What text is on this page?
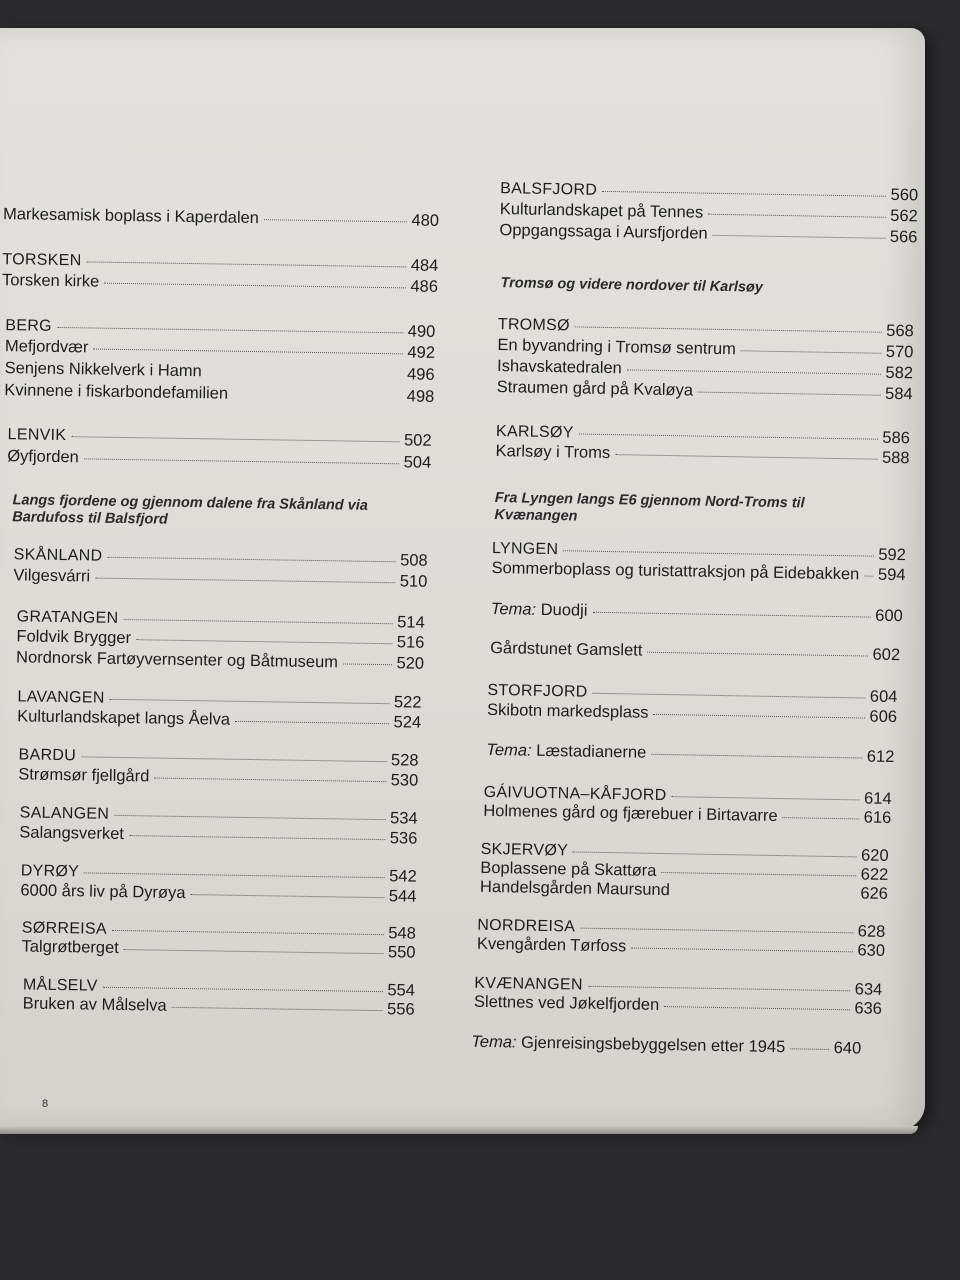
Markesamisk boplass i Kaperdalen	480
TORSKEN	484
Torsken kirke	486
BERG	490
Mefjordvær	492
Senjens Nikkelverk i Hamn	496
Kvinnene i fiskarbondefamilien	498
LENVIK	502
Øyfjorden	504
Langs fjordene og gjennom dalene fra Skånland via Bardufoss til Balsfjord
SKÅNLAND	508
Vilgesvárri	510
GRATANGEN	514
Foldvik Brygger	516
Nordnorsk Fartøyvernsenter og Båtmuseum	520
LAVANGEN	522
Kulturlandskapet langs Åelva	524
BARDU	528
Strømsør fjellgård	530
SALANGEN	534
Salangsverket	536
DYRØY	542
6000 års liv på Dyrøya	544
SØRREISA	548
Talgrøtberget	550
MÅLSELV	554
Bruken av Målselva	556
BALSFJORD	560
Kulturlandskapet på Tennes	562
Oppgangssaga i Aursfjorden	566
Tromsø og videre nordover til Karlsøy
TROMSØ	568
En byvandring i Tromsø sentrum	570
Ishavskatedralen	582
Straumen gård på Kvaløya	584
KARLSØY	586
Karlsøy i Troms	588
Fra Lyngen langs E6 gjennom Nord-Troms til Kvænangen
LYNGEN	592
Sommerboplass og turistattraksjon på Eidebakken 594
Tema: Duodji	600
Gårdstunet Gamslett	602
STORFJORD	604
Skibotn markedsplass	606
Tema: Læstadianerne	612
GÁIVUOTNA–KÅFJORD	614
Holmenes gård og fjærebuer i Birtavarre	616
SKJERVØY	620
Boplassene på Skattøra	622
Handelsgården Maursund	626
NORDREISA	628
Kvengården Tørfoss	630
KVÆNANGEN	634
Slettnes ved Jøkelfjorden	636
Tema: Gjenreisingsbebyggelsen etter 1945	640
8
